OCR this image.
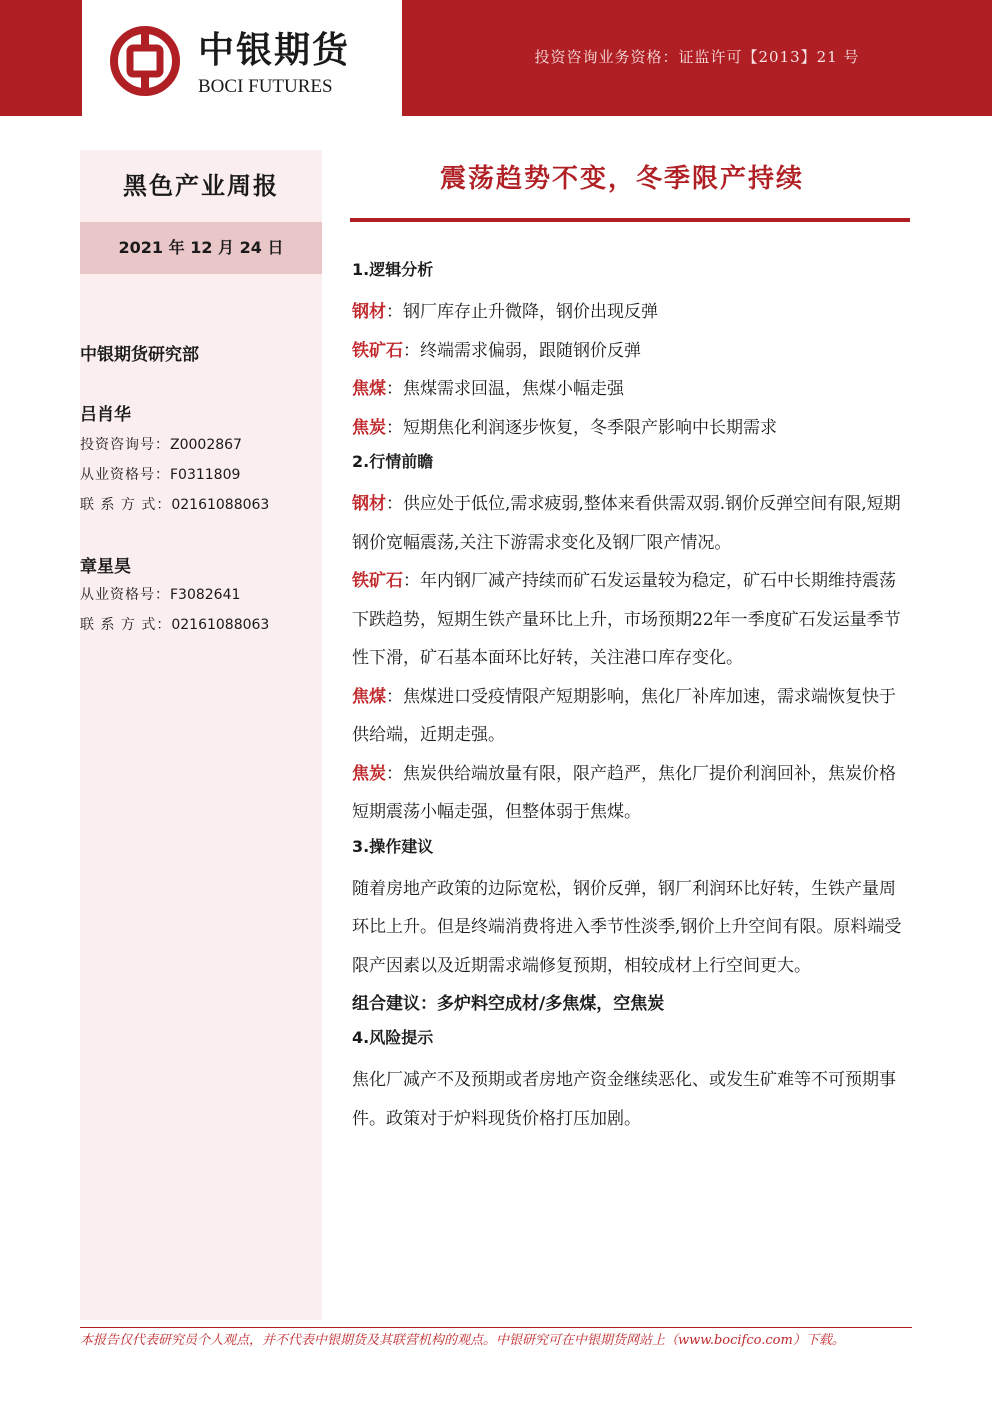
投资咨询业务资格：证监许可【2013】21 号
中银期货
BOCI FUTURES
黑色产业周报
2021 年 12 月 24 日
中银期货研究部
吕肖华
投资咨询号：Z0002867
从业资格号：F0311809
联 系 方 式：02161088063
章星昊
从业资格号：F3082641
联 系 方 式：02161088063
震荡趋势不变，冬季限产持续
1.逻辑分析

钢材：钢厂库存止升微降，钢价出现反弹

铁矿石：终端需求偏弱，跟随钢价反弹

焦煤：焦煤需求回温，焦煤小幅走强

焦炭：短期焦化利润逐步恢复，冬季限产影响中长期需求

2.行情前瞻

钢材：供应处于低位,需求疲弱,整体来看供需双弱.钢价反弹空间有限,短期钢价宽幅震荡,关注下游需求变化及钢厂限产情况。

铁矿石：年内钢厂减产持续而矿石发运量较为稳定，矿石中长期维持震荡下跌趋势，短期生铁产量环比上升，市场预期22年一季度矿石发运量季节性下滑，矿石基本面环比好转，关注港口库存变化。

焦煤：焦煤进口受疫情限产短期影响，焦化厂补库加速，需求端恢复快于供给端，近期走强。

焦炭：焦炭供给端放量有限，限产趋严，焦化厂提价利润回补，焦炭价格短期震荡小幅走强，但整体弱于焦煤。

3.操作建议

随着房地产政策的边际宽松，钢价反弹，钢厂利润环比好转，生铁产量周环比上升。但是终端消费将进入季节性淡季,钢价上升空间有限。原料端受限产因素以及近期需求端修复预期，相较成材上行空间更大。

组合建议：多炉料空成材/多焦煤，空焦炭

4.风险提示

焦化厂减产不及预期或者房地产资金继续恶化、或发生矿难等不可预期事件。政策对于炉料现货价格打压加剧。

本报告仅代表研究员个人观点，并不代表中银期货及其联营机构的观点。中银研究可在中银期货网站上（www.bocifco.com）下载。
